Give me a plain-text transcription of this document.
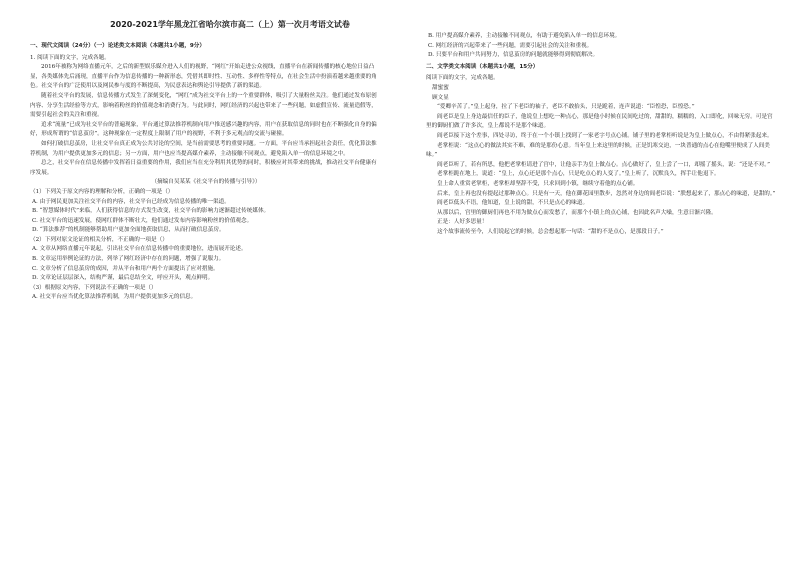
2020-2021学年黑龙江省哈尔滨市高二（上）第一次月考语文试卷
一、现代文阅读（24分）（一）论述类文本阅读（本题共1小题，9分）
1. 阅读下面的文字，完成各题。

2016年被称为网络直播元年，之后的新型娱乐媒介进入人们的视野，“网红”开始走进公众视线，直播平台在新闻传播的核心地位日益凸显，各类媒体先后涌现，直播平台作为信息传播的一种新形态，凭借其即时性、互动性、多样性等特点，在社会生活中扮演着越来越重要的角色。社交平台的广泛使用以及网民参与度的不断提高，为民意表达和舆论引导提供了新的渠道。

随着社交平台的发展，信息传播方式发生了深刻变化，“网红”成为社交平台上的一个重要群体，吸引了大量粉丝关注。他们通过发布原创内容、分享生活经验等方式，影响着粉丝的价值观念和消费行为。与此同时，网红经济的兴起也带来了一些问题，如虚假宣传、流量造假等，需要引起社会的关注和重视。

追求“流量”已成为社交平台的普遍现象，平台通过算法推荐机制向用户推送感兴趣的内容，用户在获取信息的同时也在不断强化自身的偏好，形成所谓的“信息茧房”。这种现象在一定程度上限制了用户的视野，不利于多元观点的交流与碰撞。

如何打破信息茧房，让社交平台真正成为公共讨论的空间，是当前需要思考的重要问题。一方面，平台应当承担起社会责任，优化算法推荐机制，为用户提供更加多元的信息；另一方面，用户也应当提高媒介素养，主动接触不同观点，避免陷入单一的信息环境之中。

总之，社交平台在信息传播中发挥着日益重要的作用，我们应当在充分利用其优势的同时，积极应对其带来的挑战，推动社交平台健康有序发展。

（摘编自吴某某《社交平台的传播与引导》）
（1）下列关于原文内容的理解和分析，正确的一项是（）
A. 由于网民更加关注社交平台的内容，社交平台已经成为信息传播的唯一渠道。
B. “智慧媒体时代”来临，人们获得信息的方式发生改变，社交平台的影响力逐渐超过传统媒体。
C. 社交平台的迅速发展，使网红群体不断壮大，他们通过发布内容影响粉丝的价值观念。
D. “算法推荐”的机制能够帮助用户更加全面地获取信息，从而打破信息茧房。
（2）下列对原文论证的相关分析，不正确的一项是（）
A. 文章从网络直播元年说起，引出社交平台在信息传播中的重要地位，进而展开论述。
B. 文章运用举例论证的方法，列举了网红经济中存在的问题，增强了说服力。
C. 文章分析了信息茧房的成因，并从平台和用户两个方面提出了应对措施。
D. 文章论证层层深入，结构严谨，最后总结全文，呼应开头，观点鲜明。
（3）根据原文内容，下列说法不正确的一项是（）
A. 社交平台应当优化算法推荐机制，为用户提供更加多元的信息。
B. 用户提高媒介素养，主动接触不同观点，有助于避免陷入单一的信息环境。
C. 网红经济的兴起带来了一些问题，需要引起社会的关注和重视。
D. 只要平台和用户共同努力，信息茧房的问题就能够得到彻底解决。
二、文学类文本阅读（本题共1小题，15分）
阅读下面的文字，完成各题。
甜蜜蜜
顾文显

“爱卿辛苦了。”皇上起身，拉了下老臣的袖子，老臣不敢抬头，只是跪着，连声说道：“臣惶恐，臣惶恐。”

阎老臣是皇上身边最信任的臣子，他说皇上想吃一种点心，那是他小时候在民间吃过的，甜甜的，糯糯的，入口即化，回味无穷。可是宫里的御厨们做了许多次，皇上都说不是那个味道。

阎老臣接下这个差事，四处寻访，终于在一个小镇上找到了一家老字号点心铺。铺子里的老掌柜听说是为皇上做点心，不由得紧张起来。

老掌柜说：“这点心的做法其实不难，难的是那份心意。当年皇上来这里的时候，正是饥寒交迫，一块普通的点心在他嘴里便成了人间美味。”

阎老臣听了，若有所思，他把老掌柜请进了宫中，让他亲手为皇上做点心。点心做好了，皇上尝了一口，却摇了摇头，说：“还是不对。”

老掌柜跪在地上，说道：“皇上，点心还是那个点心，只是吃点心的人变了。”皇上听了，沉默良久，挥手让他退下。

皇上命人重赏老掌柜，老掌柜却坚辞不受，只求回到小镇，继续守着他的点心铺。

后来，皇上再也没有提起过那种点心。只是有一天，他在御花园里散步，忽然对身边的阎老臣说：“朕想起来了，那点心的味道，是甜的。”

阎老臣低头不语，他知道，皇上说的甜，不只是点心的味道。

从那以后，宫里的御厨们再也不用为做点心而发愁了，而那个小镇上的点心铺，也因此名声大噪，生意日渐兴隆。

正是：人好多思量！

这个故事流传至今，人们说起它的时候，总会想起那一句话：“甜的不是点心，是那段日子。”
